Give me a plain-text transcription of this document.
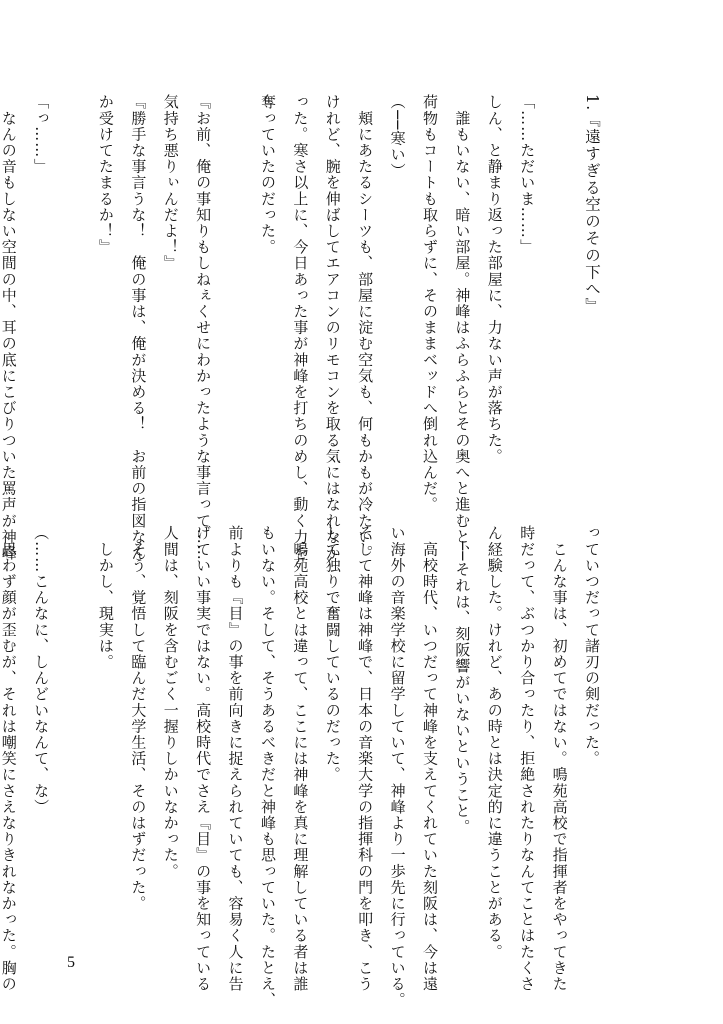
1.『遠すぎる空のその下へ』
「……ただいま……」
しん、と静まり返った部屋に、力ない声が落ちた。
　誰もいない、暗い部屋。神峰はふらふらとその奥へと進むと、
荷物もコートも取らずに、そのままベッドへ倒れ込んだ。
（──寒い）
　頬にあたるシーツも、部屋に淀む空気も、何もかもが冷たい。
けれど、腕を伸ばしてエアコンのリモコンを取る気にはなれなか
った。寒さ以上に、今日あった事が神峰を打ちのめし、動く力を
奪っていたのだった。
『お前、俺の事知りもしねぇくせにわかったような事言って……
気持ち悪りぃんだよ！』
『勝手な事言うな！　俺の事は、俺が決める！　お前の指図なん
か受けてたまるか！』
「っ……」
　なんの音もしない空間の中、耳の底にこびりついた罵声が神峰
っていつだって諸刃の剣だった。
　こんな事は、初めてではない。鳴苑高校で指揮者をやってきた
時だって、ぶつかり合ったり、拒絶されたりなんてことはたくさ
ん経験した。けれど、あの時とは決定的に違うことがある。
　──それは、刻阪響がいないということ。
　高校時代、いつだって神峰を支えてくれていた刻阪は、今は遠
い海外の音楽学校に留学していて、神峰より一歩先に行っている。
そして神峰は神峰で、日本の音楽大学の指揮科の門を叩き、こう
して独りで奮闘しているのだった。
　鳴苑高校とは違って、ここには神峰を真に理解している者は誰
もいない。そして、そうあるべきだと神峰も思っていた。たとえ、
前よりも『目』の事を前向きに捉えられていても、容易く人に告
げていい事実ではない。高校時代でさえ『目』の事を知っている
人間は、刻阪を含むごく一握りしかいなかった。
　そう、覚悟して臨んだ大学生活、そのはずだった。
　しかし、現実は。
（……こんなに、しんどいなんて、な）
　思わず顔が歪むが、それは嘲笑にさえなりきれなかった。胸の	5
